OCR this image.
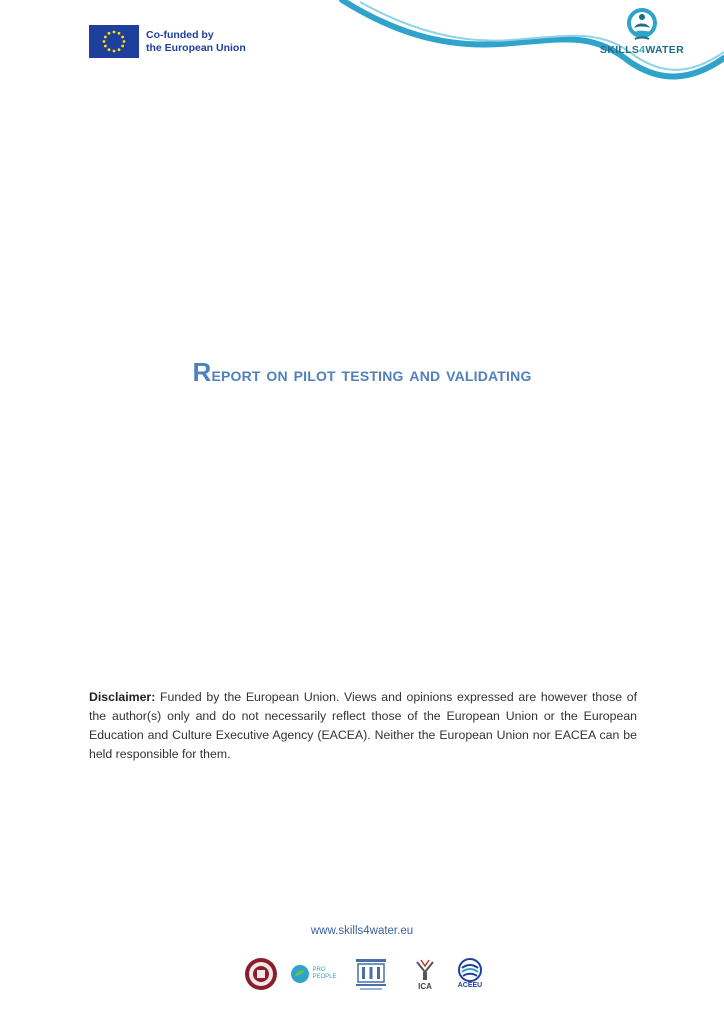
Co-funded by
the European Union	SKILLS4WATER
Report on pilot testing and validating
Disclaimer: Funded by the European Union. Views and opinions expressed are however those of the author(s) only and do not necessarily reflect those of the European Union or the European Education and Culture Executive Agency (EACEA). Neither the European Union nor EACEA can be held responsible for them.
www.skills4water.eu
PRO PEOPLE
ICA	ACEEU
